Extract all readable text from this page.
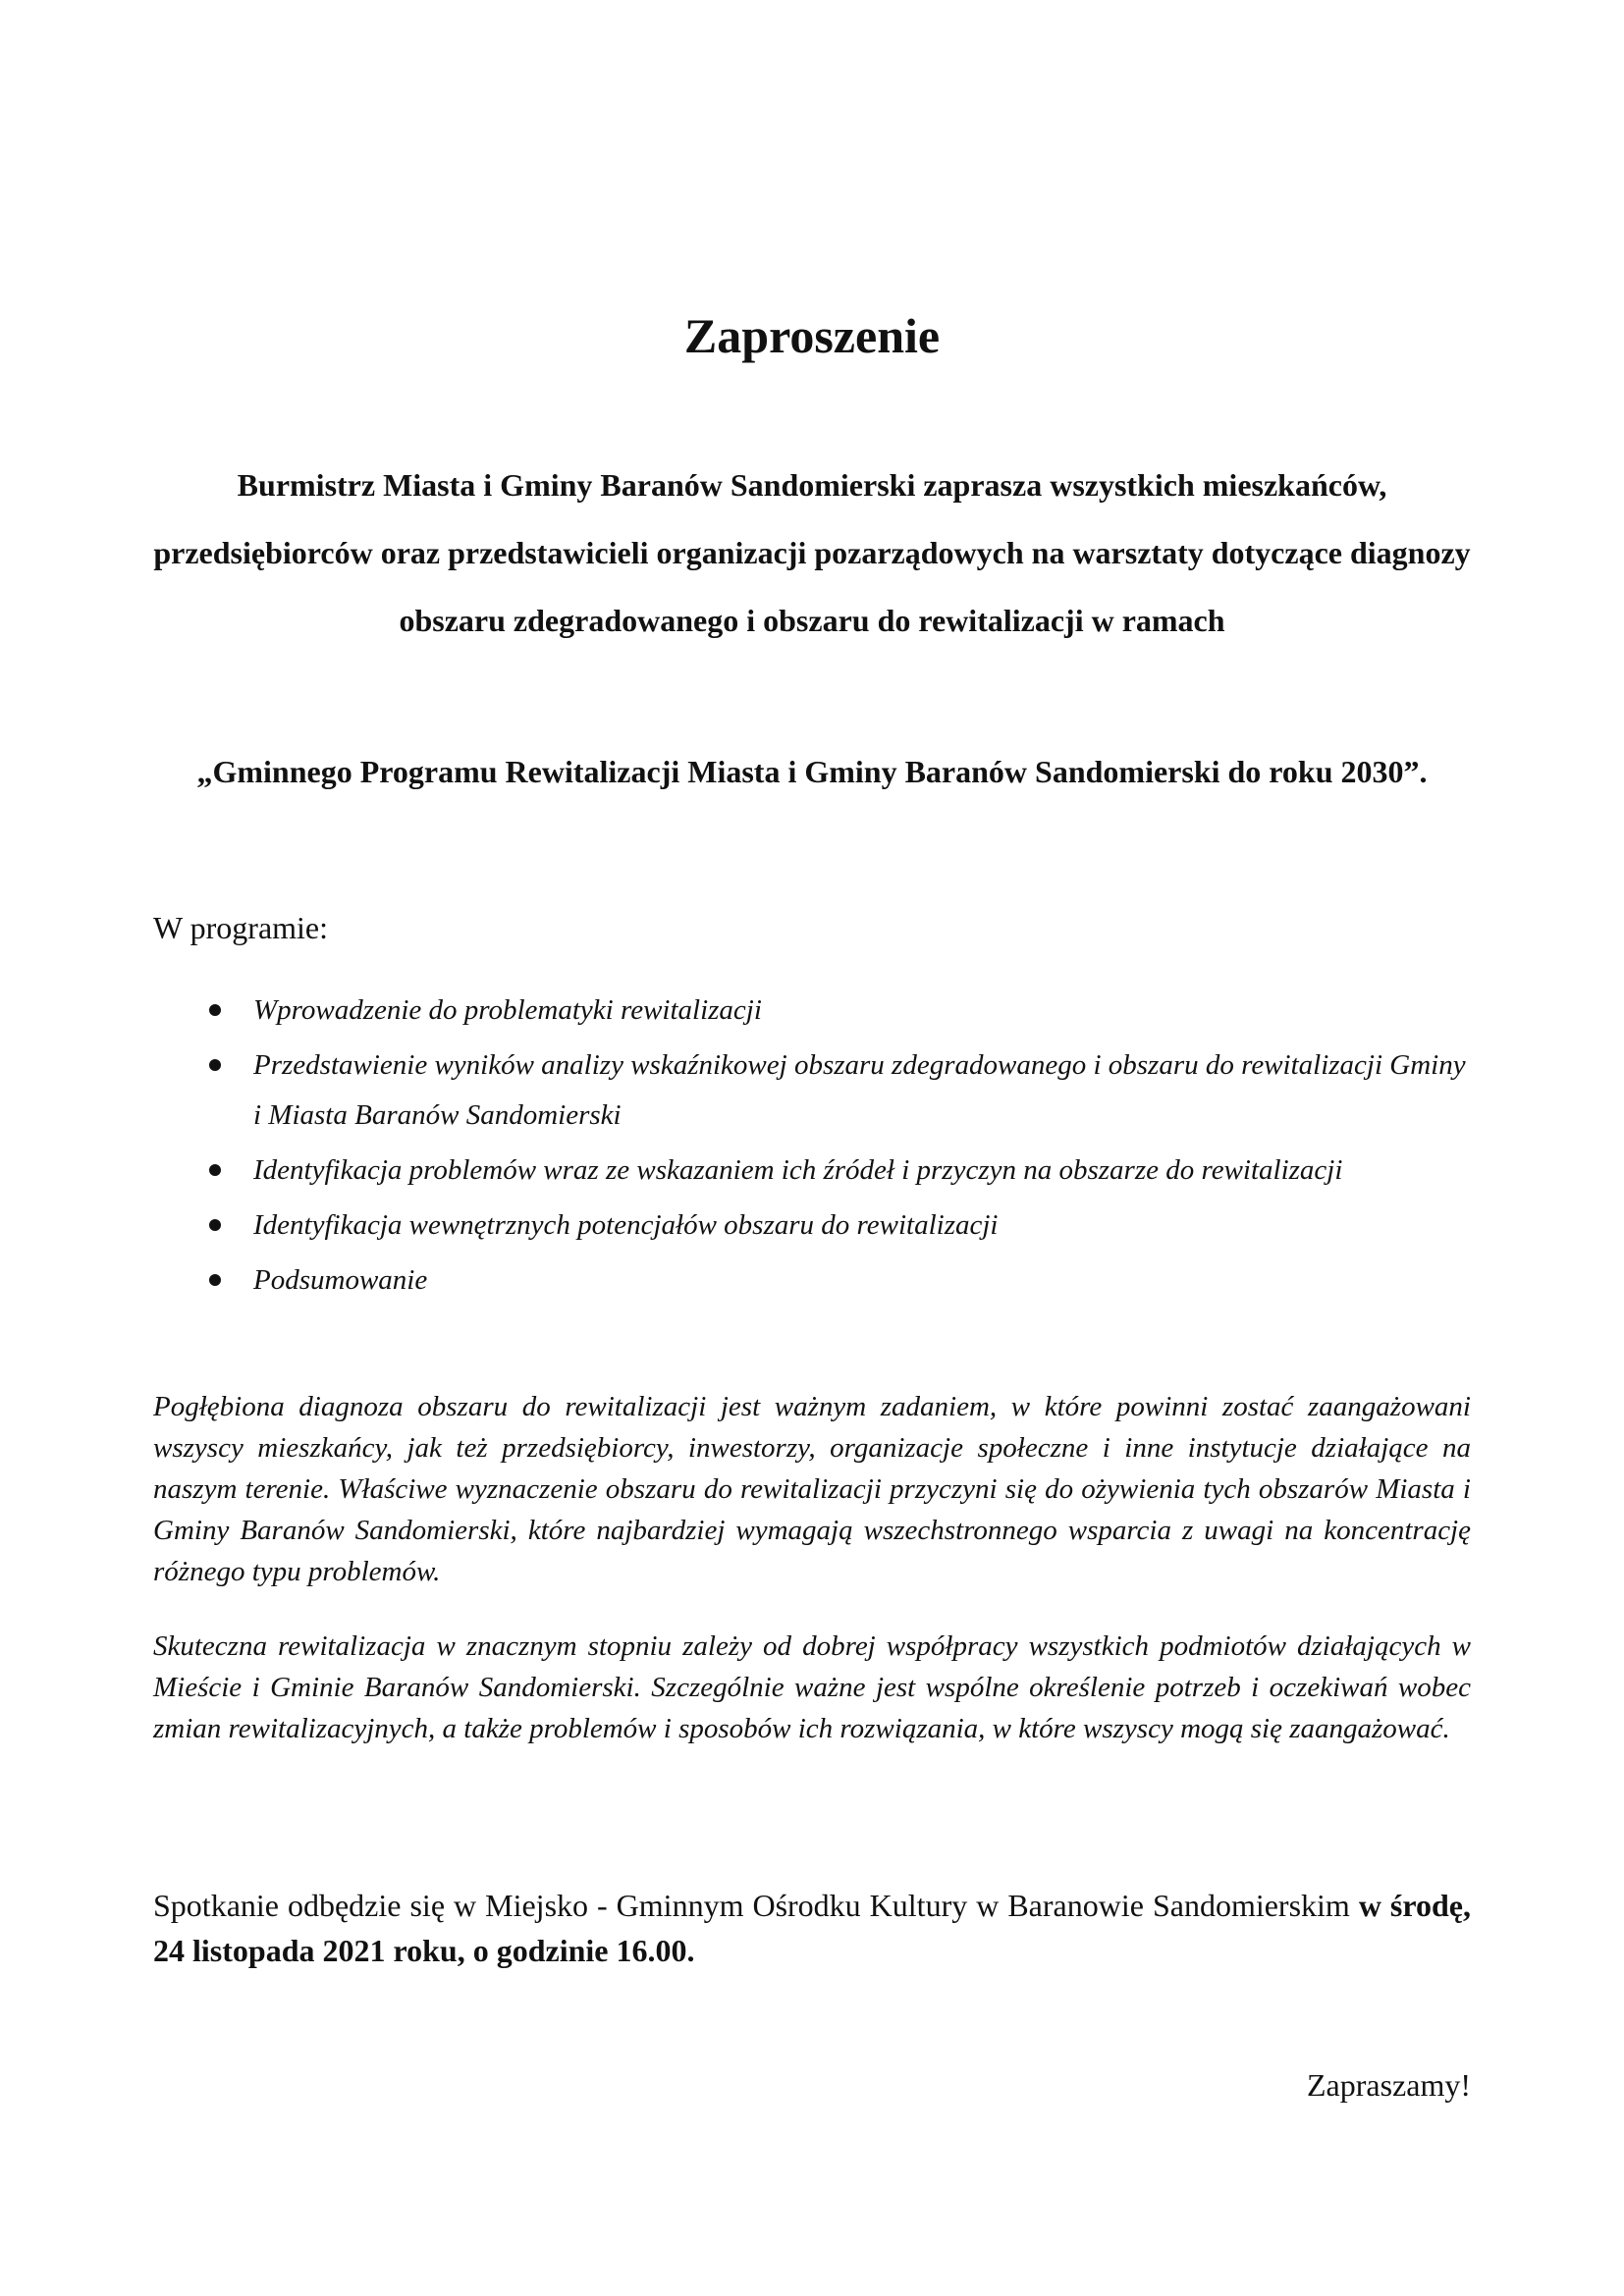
Zaproszenie

Burmistrz Miasta i Gminy Baranów Sandomierski zaprasza wszystkich mieszkańców, przedsiębiorców oraz przedstawicieli organizacji pozarządowych na warsztaty dotyczące diagnozy obszaru zdegradowanego i obszaru do rewitalizacji w ramach

„Gminnego Programu Rewitalizacji Miasta i Gminy Baranów Sandomierski do roku 2030”.

W programie:

Wprowadzenie do problematyki rewitalizacji
Przedstawienie wyników analizy wskaźnikowej obszaru zdegradowanego i obszaru do rewitalizacji Gminy i Miasta Baranów Sandomierski
Identyfikacja problemów wraz ze wskazaniem ich źródeł i przyczyn na obszarze do rewitalizacji
Identyfikacja wewnętrznych potencjałów obszaru do rewitalizacji
Podsumowanie

Pogłębiona diagnoza obszaru do rewitalizacji jest ważnym zadaniem, w które powinni zostać zaangażowani wszyscy mieszkańcy, jak też przedsiębiorcy, inwestorzy, organizacje społeczne i inne instytucje działające na naszym terenie. Właściwe wyznaczenie obszaru do rewitalizacji przyczyni się do ożywienia tych obszarów Miasta i Gminy Baranów Sandomierski, które najbardziej wymagają wszechstronnego wsparcia z uwagi na koncentrację różnego typu problemów.

Skuteczna rewitalizacja w znacznym stopniu zależy od dobrej współpracy wszystkich podmiotów działających w Mieście i Gminie Baranów Sandomierski. Szczególnie ważne jest wspólne określenie potrzeb i oczekiwań wobec zmian rewitalizacyjnych, a także problemów i sposobów ich rozwiązania, w które wszyscy mogą się zaangażować.

Spotkanie odbędzie się w Miejsko - Gminnym Ośrodku Kultury w Baranowie Sandomierskim w środę, 24 listopada 2021 roku, o godzinie 16.00.

Zapraszamy!
